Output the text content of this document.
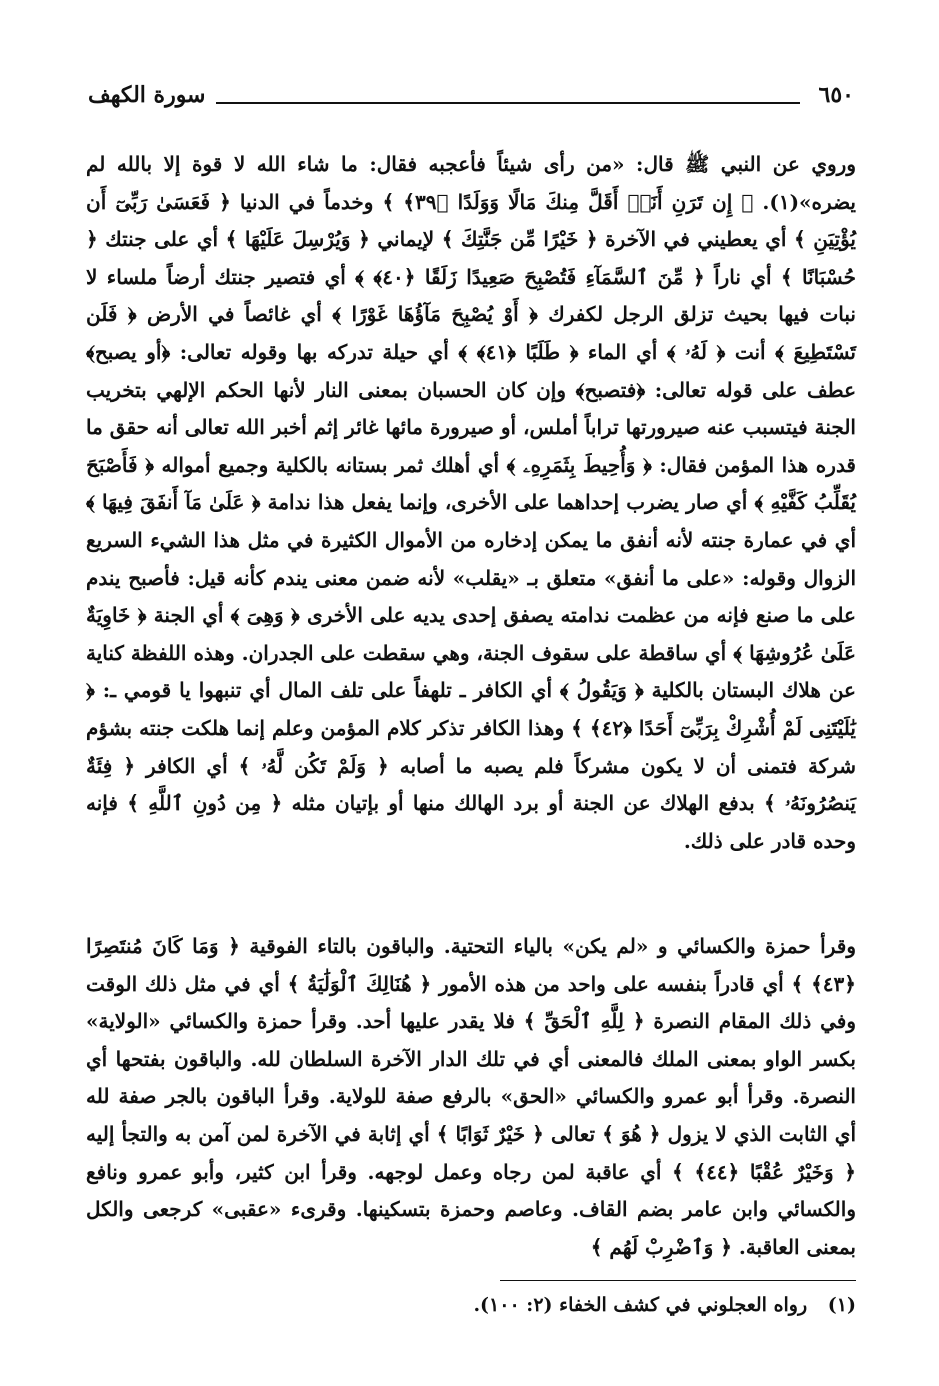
٦٥٠
سورة الكهف

وروي عن النبي ﷺ قال: «من رأى شيئاً فأعجبه فقال: ما شاء الله لا قوة إلا بالله لم يضره»(١). ﴿ إِن تَرَنِ أَنَا۠ أَقَلَّ مِنكَ مَالًا وَوَلَدًا ﴿٣٩﴾ ﴾ وخدماً في الدنيا ﴿ فَعَسَىٰ رَبِّىٓ أَن يُؤْتِيَنِ ﴾ أي يعطيني في الآخرة ﴿ خَيْرًا مِّن جَنَّتِكَ ﴾ لإيماني ﴿ وَيُرْسِلَ عَلَيْهَا ﴾ أي على جنتك ﴿ حُسْبَانًا ﴾ أي ناراً ﴿ مِّنَ ٱلسَّمَآءِ فَتُصْبِحَ صَعِيدًا زَلَقًا ﴿٤٠﴾ ﴾ أي فتصير جنتك أرضاً ملساء لا نبات فيها بحيث تزلق الرجل لكفرك ﴿ أَوْ يُصْبِحَ مَآؤُهَا غَوْرًا ﴾ أي غائصاً في الأرض ﴿ فَلَن تَسْتَطِيعَ ﴾ أنت ﴿ لَهُۥ ﴾ أي الماء ﴿ طَلَبًا ﴿٤١﴾ ﴾ أي حيلة تدركه بها وقوله تعالى: ﴿أو يصبح﴾ عطف على قوله تعالى: ﴿فتصبح﴾ وإن كان الحسبان بمعنى النار لأنها الحكم الإلهي بتخريب الجنة فيتسبب عنه صيرورتها تراباً أملس، أو صيرورة مائها غائر إثم أخبر الله تعالى أنه حقق ما قدره هذا المؤمن فقال: ﴿ وَأُحِيطَ بِثَمَرِهِۦ ﴾ أي أهلك ثمر بستانه بالكلية وجميع أمواله ﴿ فَأَصْبَحَ يُقَلِّبُ كَفَّيْهِ ﴾ أي صار يضرب إحداهما على الأخرى، وإنما يفعل هذا ندامة ﴿ عَلَىٰ مَآ أَنفَقَ فِيهَا ﴾ أي في عمارة جنته لأنه أنفق ما يمكن إدخاره من الأموال الكثيرة في مثل هذا الشيء السريع الزوال وقوله: «على ما أنفق» متعلق بـ «يقلب» لأنه ضمن معنى يندم كأنه قيل: فأصبح يندم على ما صنع فإنه من عظمت ندامته يصفق إحدى يديه على الأخرى ﴿ وَهِىَ ﴾ أي الجنة ﴿ خَاوِيَةٌ عَلَىٰ عُرُوشِهَا ﴾ أي ساقطة على سقوف الجنة، وهي سقطت على الجدران. وهذه اللفظة كناية عن هلاك البستان بالكلية ﴿ وَيَقُولُ ﴾ أي الكافر ـ تلهفاً على تلف المال أي تنبهوا يا قومي ـ: ﴿ يَٰلَيْتَنِى لَمْ أُشْرِكْ بِرَبِّىٓ أَحَدًا ﴿٤٢﴾ ﴾ وهذا الكافر تذكر كلام المؤمن وعلم إنما هلكت جنته بشؤم شركة فتمنى أن لا يكون مشركاً فلم يصبه ما أصابه ﴿ وَلَمْ تَكُن لَّهُۥ ﴾ أي الكافر ﴿ فِئَةٌ يَنصُرُونَهُۥ ﴾ بدفع الهلاك عن الجنة أو برد الهالك منها أو بإتيان مثله ﴿ مِن دُونِ ٱللَّهِ ﴾ فإنه وحده قادر على ذلك.

وقرأ حمزة والكسائي و «لم يكن» بالياء التحتية. والباقون بالتاء الفوقية ﴿ وَمَا كَانَ مُنتَصِرًا ﴿٤٣﴾ ﴾ أي قادراً بنفسه على واحد من هذه الأمور ﴿ هُنَالِكَ ٱلْوَلَٰيَةُ ﴾ أي في مثل ذلك الوقت وفي ذلك المقام النصرة ﴿ لِلَّهِ ٱلْحَقِّ ﴾ فلا يقدر عليها أحد. وقرأ حمزة والكسائي «الولاية» بكسر الواو بمعنى الملك فالمعنى أي في تلك الدار الآخرة السلطان لله. والباقون بفتحها أي النصرة. وقرأ أبو عمرو والكسائي «الحق» بالرفع صفة للولاية. وقرأ الباقون بالجر صفة لله أي الثابت الذي لا يزول ﴿ هُوَ ﴾ تعالى ﴿ خَيْرٌ ثَوَابًا ﴾ أي إثابة في الآخرة لمن آمن به والتجأ إليه ﴿ وَخَيْرٌ عُقْبًا ﴿٤٤﴾ ﴾ أي عاقبة لمن رجاه وعمل لوجهه. وقرأ ابن كثير، وأبو عمرو ونافع والكسائي وابن عامر بضم القاف. وعاصم وحمزة بتسكينها. وقرىء «عقبى» كرجعى والكل بمعنى العاقبة. ﴿ وَٱضْرِبْ لَهُم ﴾

(١) رواه العجلوني في كشف الخفاء (٢: ١٠٠).
